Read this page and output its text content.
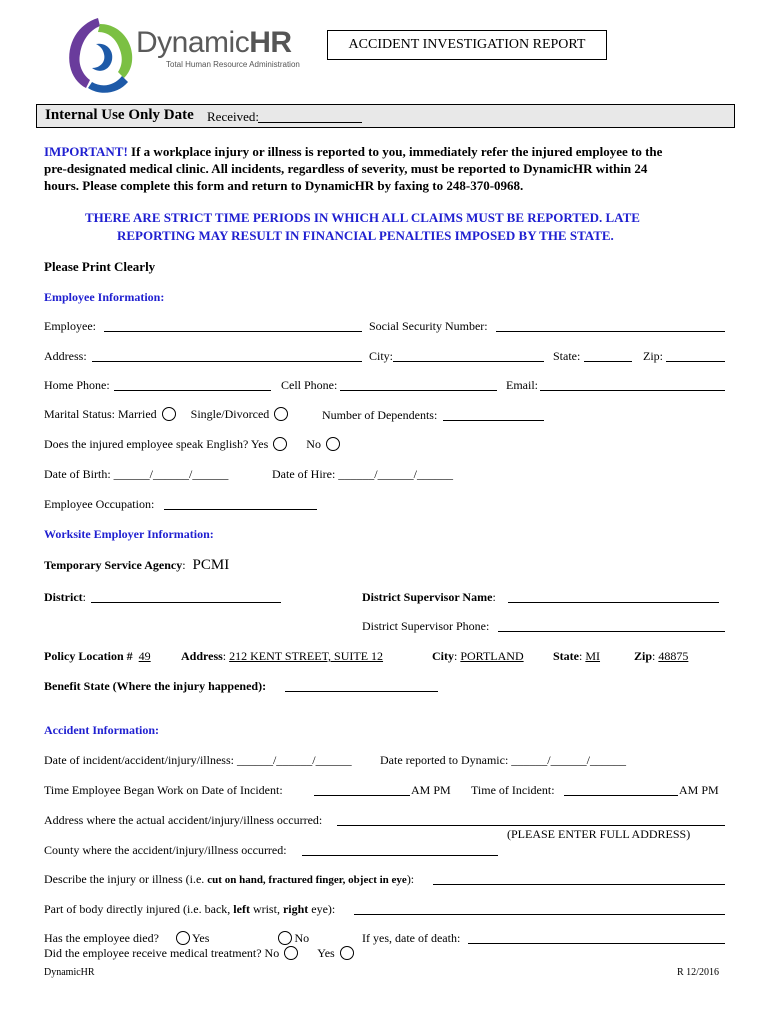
DynamicHR
Total Human Resource Administration
ACCIDENT INVESTIGATION REPORT
Internal Use Only Date Received:
IMPORTANT! If a workplace injury or illness is reported to you, immediately refer the injured employee to the
pre-designated medical clinic. All incidents, regardless of severity, must be reported to DynamicHR within 24
hours. Please complete this form and return to DynamicHR by faxing to 248-370-0968.
THERE ARE STRICT TIME PERIODS IN WHICH ALL CLAIMS MUST BE REPORTED. LATE
REPORTING MAY RESULT IN FINANCIAL PENALTIES IMPOSED BY THE STATE.
Please Print Clearly
Employee Information:
Employee:	Social Security Number:
Address:	City:	State:	Zip:
Home Phone:	Cell Phone:	Email:
Marital Status: Married	Single/Divorced	Number of Dependents:
Does the injured employee speak English? Yes	No
Date of Birth: ______/______/______	Date of Hire: ______/______/______
Employee Occupation:
Worksite Employer Information:
Temporary Service Agency: PCMI
District:	District Supervisor Name:
District Supervisor Phone:
Policy Location # 49	Address: 212 KENT STREET, SUITE 12	City: PORTLAND State: MI	Zip: 48875
Benefit State (Where the injury happened):
Accident Information:
Date of incident/accident/injury/illness: ______/______/______ Date reported to Dynamic: ______/______/______
Time Employee Began Work on Date of Incident:	AM PM Time of Incident:	AM PM
Address where the actual accident/injury/illness occurred:
(PLEASE ENTER FULL ADDRESS)
County where the accident/injury/illness occurred:
Describe the injury or illness (i.e. cut on hand, fractured finger, object in eye):
Part of body directly injured (i.e. back, left wrist, right eye):
Has the employee died?	Yes	No	If yes, date of death:
Did the employee receive medical treatment? No	Yes
DynamicHR	R 12/2016
